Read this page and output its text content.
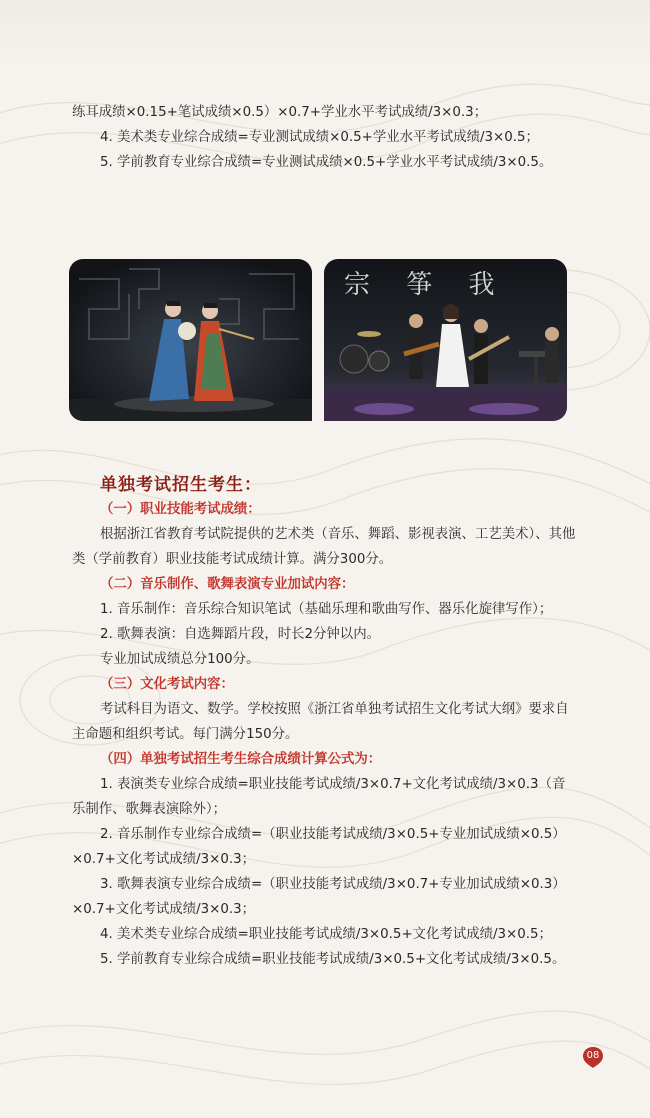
练耳成绩×0.15+笔试成绩×0.5）×0.7+学业水平考试成绩/3×0.3；

4. 美术类专业综合成绩=专业测试成绩×0.5+学业水平考试成绩/3×0.5；

5. 学前教育专业综合成绩=专业测试成绩×0.5+学业水平考试成绩/3×0.5。

宗 筝 我
单独考试招生考生：

（一）职业技能考试成绩：

根据浙江省教育考试院提供的艺术类（音乐、舞蹈、影视表演、工艺美术）、其他类（学前教育）职业技能考试成绩计算。满分300分。

（二）音乐制作、歌舞表演专业加试内容：

1. 音乐制作：音乐综合知识笔试（基础乐理和歌曲写作、器乐化旋律写作）；

2. 歌舞表演：自选舞蹈片段，时长2分钟以内。

专业加试成绩总分100分。

（三）文化考试内容：

考试科目为语文、数学。学校按照《浙江省单独考试招生文化考试大纲》要求自主命题和组织考试。每门满分150分。

（四）单独考试招生考生综合成绩计算公式为：

1. 表演类专业综合成绩=职业技能考试成绩/3×0.7+文化考试成绩/3×0.3（音乐制作、歌舞表演除外）；

2. 音乐制作专业综合成绩=（职业技能考试成绩/3×0.5+专业加试成绩×0.5）×0.7+文化考试成绩/3×0.3；

3. 歌舞表演专业综合成绩=（职业技能考试成绩/3×0.7+专业加试成绩×0.3）×0.7+文化考试成绩/3×0.3；

4. 美术类专业综合成绩=职业技能考试成绩/3×0.5+文化考试成绩/3×0.5；

5. 学前教育专业综合成绩=职业技能考试成绩/3×0.5+文化考试成绩/3×0.5。

08
